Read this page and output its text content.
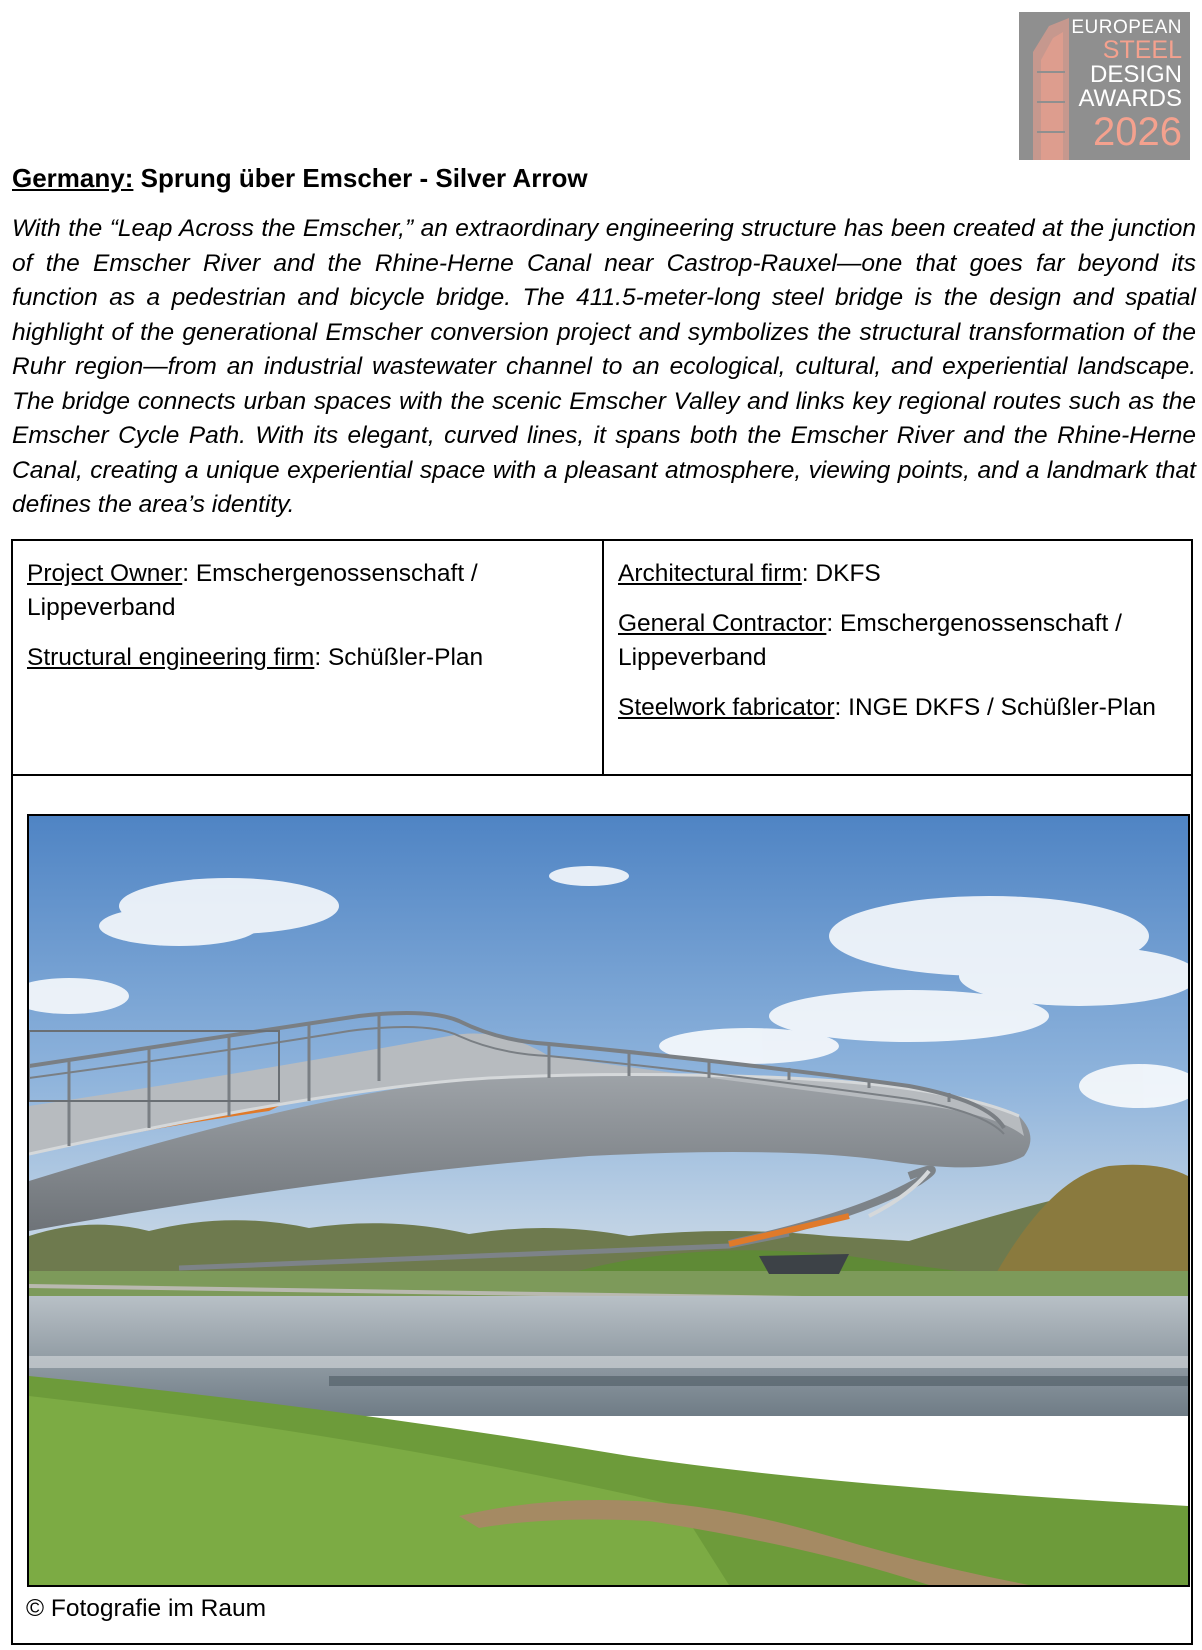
EUROPEAN
STEEL
DESIGN
AWARDS
2026
Germany: Sprung über Emscher - Silver Arrow

With the “Leap Across the Emscher,” an extraordinary engineering structure has been created at the junction of the Emscher River and the Rhine-Herne Canal near Castrop-Rauxel—one that goes far beyond its function as a pedestrian and bicycle bridge. The 411.5-meter-long steel bridge is the design and spatial highlight of the generational Emscher conversion project and symbolizes the structural transformation of the Ruhr region—from an industrial wastewater channel to an ecological, cultural, and experiential landscape. The bridge connects urban spaces with the scenic Emscher Valley and links key regional routes such as the Emscher Cycle Path. With its elegant, curved lines, it spans both the Emscher River and the Rhine-Herne Canal, creating a unique experiential space with a pleasant atmosphere, viewing points, and a landmark that defines the area’s identity.

Project Owner: Emschergenossenschaft / Lippeverband

Structural engineering firm: Schüßler-Plan

Architectural firm: DKFS

General Contractor: Emschergenossenschaft / Lippeverband

Steelwork fabricator: INGE DKFS / Schüßler-Plan

© Fotografie im Raum
